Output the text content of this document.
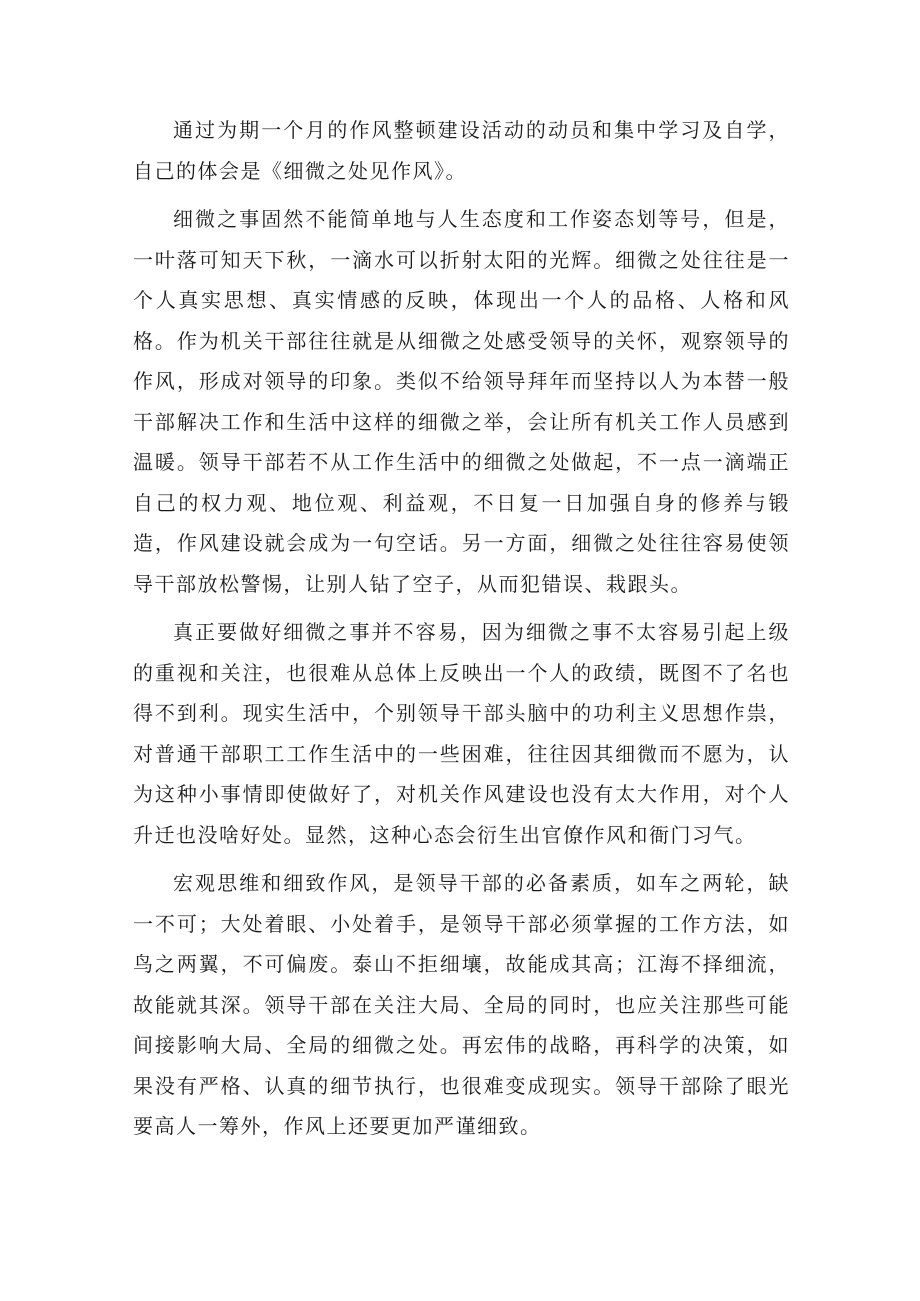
通过为期一个月的作风整顿建设活动的动员和集中学习及自学，自己的体会是《细微之处见作风》。

细微之事固然不能简单地与人生态度和工作姿态划等号，但是，一叶落可知天下秋，一滴水可以折射太阳的光辉。细微之处往往是一个人真实思想、真实情感的反映，体现出一个人的品格、人格和风格。作为机关干部往往就是从细微之处感受领导的关怀，观察领导的作风，形成对领导的印象。类似不给领导拜年而坚持以人为本替一般干部解决工作和生活中这样的细微之举，会让所有机关工作人员感到温暖。领导干部若不从工作生活中的细微之处做起，不一点一滴端正自己的权力观、地位观、利益观，不日复一日加强自身的修养与锻造，作风建设就会成为一句空话。另一方面，细微之处往往容易使领导干部放松警惕，让别人钻了空子，从而犯错误、栽跟头。

真正要做好细微之事并不容易，因为细微之事不太容易引起上级的重视和关注，也很难从总体上反映出一个人的政绩，既图不了名也得不到利。现实生活中，个别领导干部头脑中的功利主义思想作祟，对普通干部职工工作生活中的一些困难，往往因其细微而不愿为，认为这种小事情即使做好了，对机关作风建设也没有太大作用，对个人升迁也没啥好处。显然，这种心态会衍生出官僚作风和衙门习气。

宏观思维和细致作风，是领导干部的必备素质，如车之两轮，缺一不可；大处着眼、小处着手，是领导干部必须掌握的工作方法，如鸟之两翼，不可偏废。泰山不拒细壤，故能成其高；江海不择细流，故能就其深。领导干部在关注大局、全局的同时，也应关注那些可能间接影响大局、全局的细微之处。再宏伟的战略，再科学的决策，如果没有严格、认真的细节执行，也很难变成现实。领导干部除了眼光要高人一筹外，作风上还要更加严谨细致。
